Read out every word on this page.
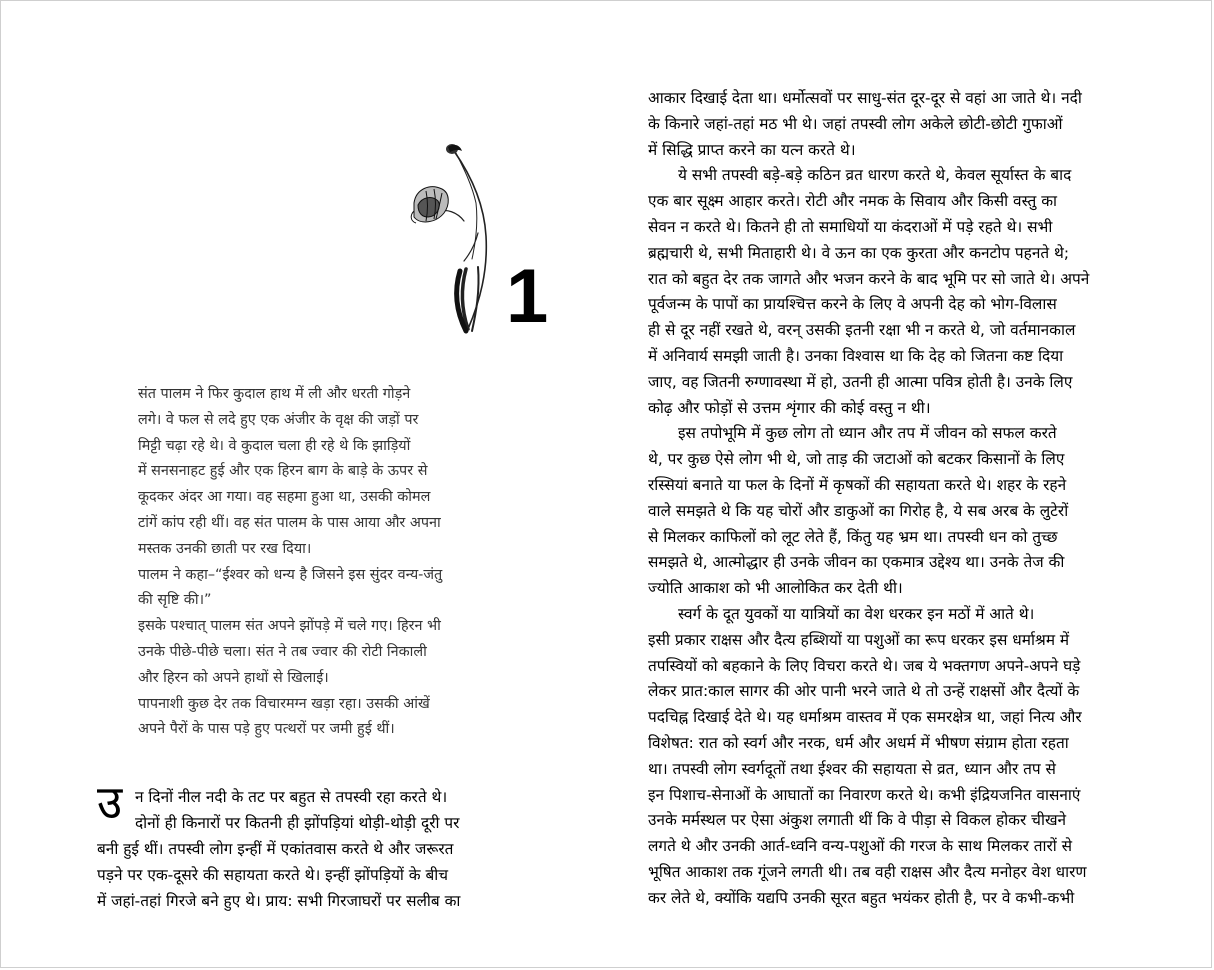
1

संत पालम ने फिर कुदाल हाथ में ली और धरती गोड़ने
लगे। वे फल से लदे हुए एक अंजीर के वृक्ष की जड़ों पर
मिट्टी चढ़ा रहे थे। वे कुदाल चला ही रहे थे कि झाड़ियों
में सनसनाहट हुई और एक हिरन बाग के बाड़े के ऊपर से
कूदकर अंदर आ गया। वह सहमा हुआ था, उसकी कोमल
टांगें कांप रही थीं। वह संत पालम के पास आया और अपना
मस्तक उनकी छाती पर रख दिया।

पालम ने कहा–“ईश्वर को धन्य है जिसने इस सुंदर वन्य-जंतु
की सृष्टि की।”

इसके पश्चात् पालम संत अपने झोंपड़े में चले गए। हिरन भी
उनके पीछे-पीछे चला। संत ने तब ज्वार की रोटी निकाली
और हिरन को अपने हाथों से खिलाई।

पापनाशी कुछ देर तक विचारमग्न खड़ा रहा। उसकी आंखें
अपने पैरों के पास पड़े हुए पत्थरों पर जमी हुई थीं।

उ न दिनों नील नदी के तट पर बहुत से तपस्वी रहा करते थे।
दोनों ही किनारों पर कितनी ही झोंपड़ियां थोड़ी-थोड़ी दूरी पर
बनी हुई थीं। तपस्वी लोग इन्हीं में एकांतवास करते थे और जरूरत
पड़ने पर एक-दूसरे की सहायता करते थे। इन्हीं झोंपड़ियों के बीच
में जहां-तहां गिरजे बने हुए थे। प्राय: सभी गिरजाघरों पर सलीब का
आकार दिखाई देता था। धर्मोत्सवों पर साधु-संत दूर-दूर से वहां आ जाते थे। नदी
के किनारे जहां-तहां मठ भी थे। जहां तपस्वी लोग अकेले छोटी-छोटी गुफाओं
में सिद्धि प्राप्त करने का यत्न करते थे।
ये सभी तपस्वी बड़े-बड़े कठिन व्रत धारण करते थे, केवल सूर्यास्त के बाद
एक बार सूक्ष्म आहार करते। रोटी और नमक के सिवाय और किसी वस्तु का
सेवन न करते थे। कितने ही तो समाधियों या कंदराओं में पड़े रहते थे। सभी
ब्रह्मचारी थे, सभी मिताहारी थे। वे ऊन का एक कुरता और कनटोप पहनते थे;
रात को बहुत देर तक जागते और भजन करने के बाद भूमि पर सो जाते थे। अपने
पूर्वजन्म के पापों का प्रायश्चित्त करने के लिए वे अपनी देह को भोग-विलास
ही से दूर नहीं रखते थे, वरन् उसकी इतनी रक्षा भी न करते थे, जो वर्तमानकाल
में अनिवार्य समझी जाती है। उनका विश्वास था कि देह को जितना कष्ट दिया
जाए, वह जितनी रुग्णावस्था में हो, उतनी ही आत्मा पवित्र होती है। उनके लिए
कोढ़ और फोड़ों से उत्तम शृंगार की कोई वस्तु न थी।
इस तपोभूमि में कुछ लोग तो ध्यान और तप में जीवन को सफल करते
थे, पर कुछ ऐसे लोग भी थे, जो ताड़ की जटाओं को बटकर किसानों के लिए
रस्सियां बनाते या फल के दिनों में कृषकों की सहायता करते थे। शहर के रहने
वाले समझते थे कि यह चोरों और डाकुओं का गिरोह है, ये सब अरब के लुटेरों
से मिलकर काफिलों को लूट लेते हैं, किंतु यह भ्रम था। तपस्वी धन को तुच्छ
समझते थे, आत्मोद्धार ही उनके जीवन का एकमात्र उद्देश्य था। उनके तेज की
ज्योति आकाश को भी आलोकित कर देती थी।
स्वर्ग के दूत युवकों या यात्रियों का वेश धरकर इन मठों में आते थे।
इसी प्रकार राक्षस और दैत्य हब्शियों या पशुओं का रूप धरकर इस धर्माश्रम में
तपस्वियों को बहकाने के लिए विचरा करते थे। जब ये भक्तगण अपने-अपने घड़े
लेकर प्रात:काल सागर की ओर पानी भरने जाते थे तो उन्हें राक्षसों और दैत्यों के
पदचिह्न दिखाई देते थे। यह धर्माश्रम वास्तव में एक समरक्षेत्र था, जहां नित्य और
विशेषत: रात को स्वर्ग और नरक, धर्म और अधर्म में भीषण संग्राम होता रहता
था। तपस्वी लोग स्वर्गदूतों तथा ईश्वर की सहायता से व्रत, ध्यान और तप से
इन पिशाच-सेनाओं के आघातों का निवारण करते थे। कभी इंद्रियजनित वासनाएं
उनके मर्मस्थल पर ऐसा अंकुश लगाती थीं कि वे पीड़ा से विकल होकर चीखने
लगते थे और उनकी आर्त-ध्वनि वन्य-पशुओं की गरज के साथ मिलकर तारों से
भूषित आकाश तक गूंजने लगती थी। तब वही राक्षस और दैत्य मनोहर वेश धारण
कर लेते थे, क्योंकि यद्यपि उनकी सूरत बहुत भयंकर होती है, पर वे कभी-कभी
